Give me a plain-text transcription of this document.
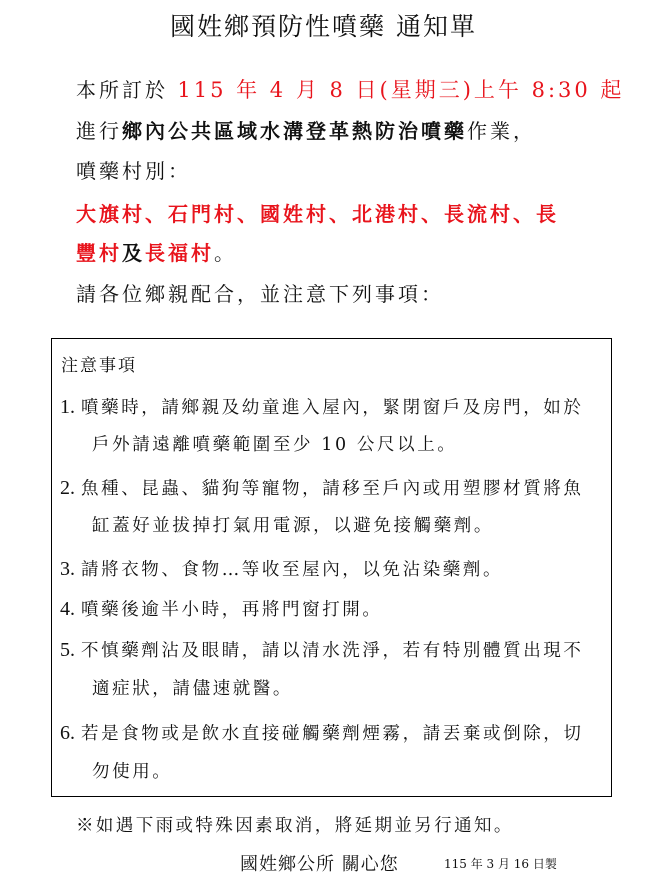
國姓鄉預防性噴藥 通知單
本所訂於 115 年 4 月 8 日(星期三)上午 8:30 起
進行鄉內公共區域水溝登革熱防治噴藥作業，
噴藥村別：
大旗村、石門村、國姓村、北港村、長流村、長
豐村及長福村。
請各位鄉親配合，並注意下列事項：
注意事項
1. 噴藥時，請鄉親及幼童進入屋內，緊閉窗戶及房門，如於
戶外請遠離噴藥範圍至少 10 公尺以上。
2. 魚種、昆蟲、貓狗等寵物，請移至戶內或用塑膠材質將魚
缸蓋好並拔掉打氣用電源，以避免接觸藥劑。
3. 請將衣物、食物…等收至屋內，以免沾染藥劑。
4. 噴藥後逾半小時，再將門窗打開。
5. 不慎藥劑沾及眼睛，請以清水洗淨，若有特別體質出現不
適症狀，請儘速就醫。
6. 若是食物或是飲水直接碰觸藥劑煙霧，請丟棄或倒除，切
勿使用。
※如遇下雨或特殊因素取消，將延期並另行通知。
國姓鄉公所 關心您	115 年 3 月 16 日製
